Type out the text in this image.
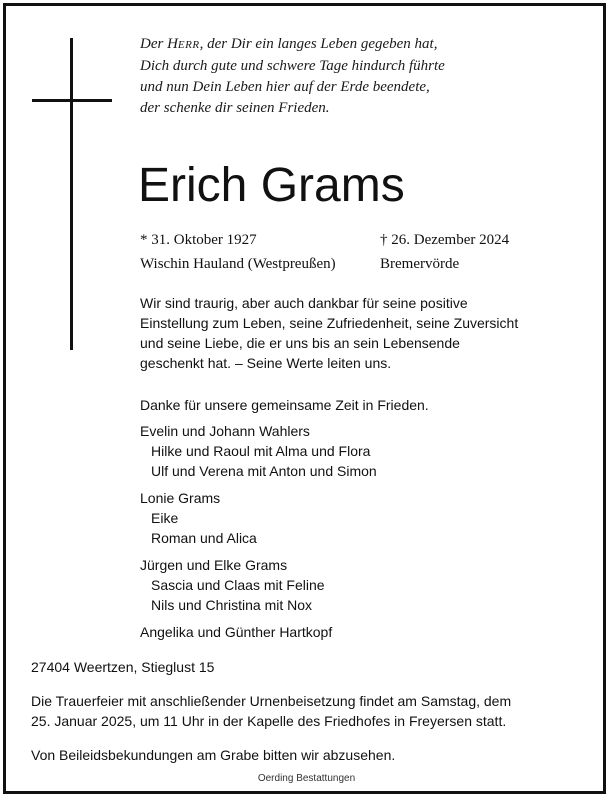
Der HERR, der Dir ein langes Leben gegeben hat,
Dich durch gute und schwere Tage hindurch führte
und nun Dein Leben hier auf der Erde beendete,
der schenke dir seinen Frieden.
Erich Grams
* 31. Oktober 1927
Wischin Hauland (Westpreußen)
† 26. Dezember 2024
Bremervörde
Wir sind traurig, aber auch dankbar für seine positive
Einstellung zum Leben, seine Zufriedenheit, seine Zuversicht
und seine Liebe, die er uns bis an sein Lebensende
geschenkt hat. – Seine Werte leiten uns.
Danke für unsere gemeinsame Zeit in Frieden.
Evelin und Johann Wahlers
Hilke und Raoul mit Alma und Flora
Ulf und Verena mit Anton und Simon
Lonie Grams
Eike
Roman und Alica
Jürgen und Elke Grams
Sascia und Claas mit Feline
Nils und Christina mit Nox
Angelika und Günther Hartkopf
27404 Weertzen, Stieglust 15
Die Trauerfeier mit anschließender Urnenbeisetzung findet am Samstag, dem
25. Januar 2025, um 11 Uhr in der Kapelle des Friedhofes in Freyersen statt.
Von Beileidsbekundungen am Grabe bitten wir abzusehen.
Oerding Bestattungen
